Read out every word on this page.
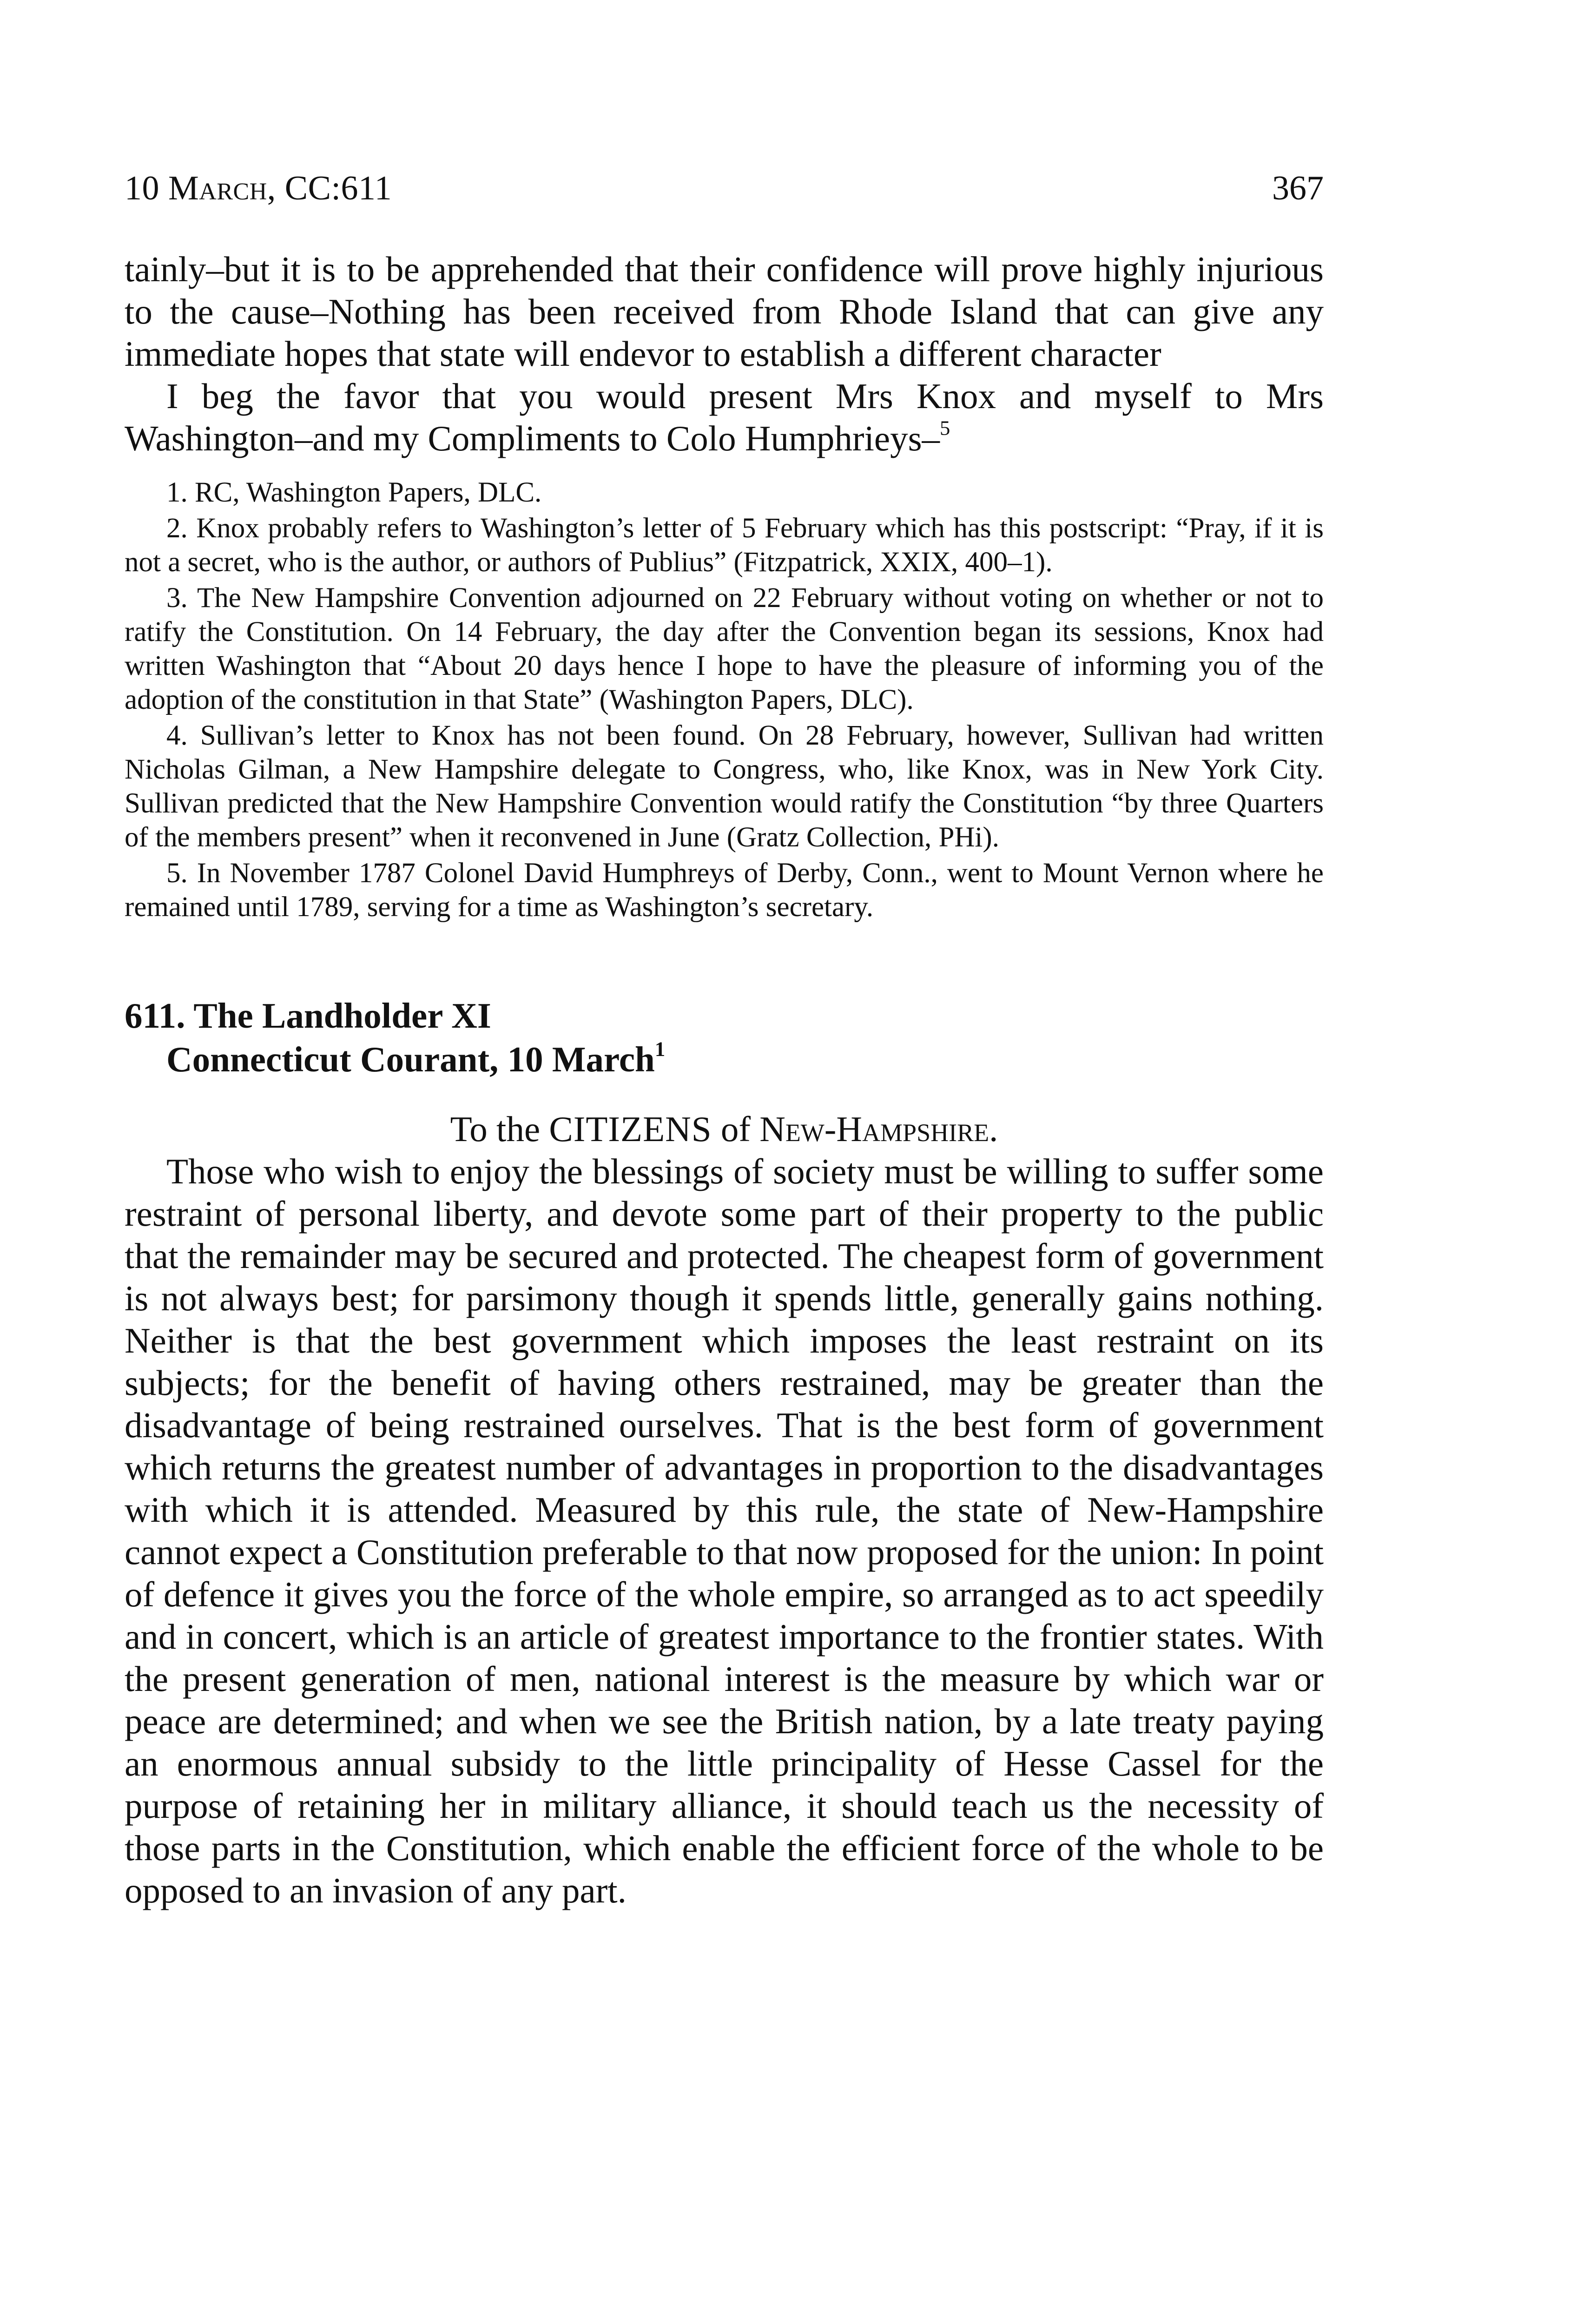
10 March, CC:611	367

tainly–but it is to be apprehended that their confidence will prove highly injurious to the cause–Nothing has been received from Rhode Island that can give any immediate hopes that state will endevor to establish a different character

I beg the favor that you would present Mrs Knox and myself to Mrs Washington–and my Compliments to Colo Humphrieys–$^5$

1. RC, Washington Papers, DLC.

2. Knox probably refers to Washington’s letter of 5 February which has this postscript: “Pray, if it is not a secret, who is the author, or authors of Publius” (Fitzpatrick, XXIX, 400–1).

3. The New Hampshire Convention adjourned on 22 February without voting on whether or not to ratify the Constitution. On 14 February, the day after the Convention began its sessions, Knox had written Washington that “About 20 days hence I hope to have the pleasure of informing you of the adoption of the constitution in that State” (Washington Papers, DLC).

4. Sullivan’s letter to Knox has not been found. On 28 February, however, Sullivan had written Nicholas Gilman, a New Hampshire delegate to Congress, who, like Knox, was in New York City. Sullivan predicted that the New Hampshire Convention would ratify the Constitution “by three Quarters of the members present” when it reconvened in June (Gratz Collection, PHi).

5. In November 1787 Colonel David Humphreys of Derby, Conn., went to Mount Vernon where he remained until 1789, serving for a time as Washington’s secretary.

611. The Landholder XI
Connecticut Courant, 10 March$^1$
To the CITIZENS of New-Hampshire.

Those who wish to enjoy the blessings of society must be willing to suffer some restraint of personal liberty, and devote some part of their property to the public that the remainder may be secured and protected. The cheapest form of government is not always best; for parsimony though it spends little, generally gains nothing. Neither is that the best government which imposes the least restraint on its subjects; for the benefit of having others restrained, may be greater than the disadvantage of being restrained ourselves. That is the best form of government which returns the greatest number of advantages in proportion to the disadvantages with which it is attended. Measured by this rule, the state of New-Hampshire cannot expect a Constitution preferable to that now proposed for the union: In point of defence it gives you the force of the whole empire, so arranged as to act speedily and in concert, which is an article of greatest importance to the frontier states. With the present generation of men, national interest is the measure by which war or peace are determined; and when we see the British nation, by a late treaty paying an enormous annual subsidy to the little principality of Hesse Cassel for the purpose of retaining her in military alliance, it should teach us the necessity of those parts in the Constitution, which enable the efficient force of the whole to be opposed to an invasion of any part.
